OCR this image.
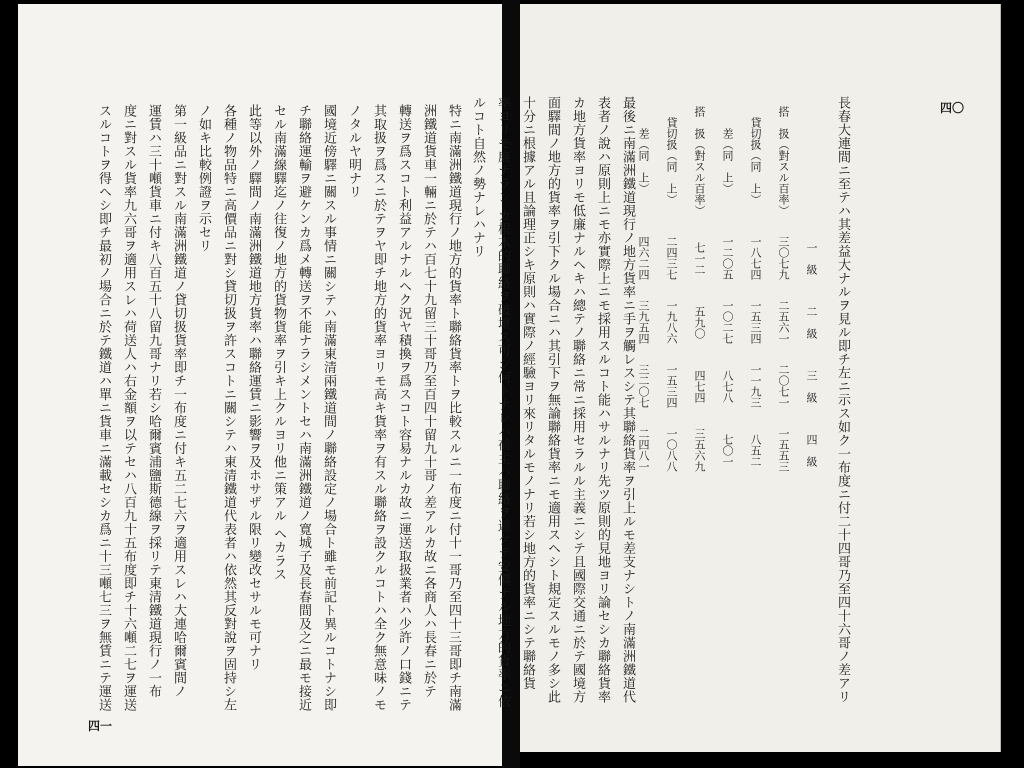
特ニ南滿洲鐵道現行ノ地方的貨率ト聯絡貨率トヲ比較スルニ一布度ニ付十一哥乃至四十三哥即チ南滿
洲鐵道貨車一輛ニ於テハ百七十九留三十哥乃至百四十留九十哥ノ差アルカ故ニ各商人ハ長春ニ於テ
轉送ヲ爲スコト利益アルナルヘク況ヤ積換ヲ爲スコト容易ナルカ故ニ運送取扱業者ハ少許ノ口錢ニテ
其取扱ヲ爲スニ於テヲヤ即チ地方的貨率ヨリモ高キ貨率ヲ有スル聯絡ヲ設クルコトハ全ク無意味ノモ
ノタルヤ明ナリ
國境近傍驛ニ關スル事情ニ關シテハ南滿東清兩鐵道間ノ聯絡設定ノ場合ト雖モ前記ト異ルコトナシ即
チ聯絡運輸ヲ避ケンカ爲メ轉送ヲ不能ナラシメントセハ南滿洲鐵道ノ寛城子及長春間及之ニ最モ接近
セル南滿線驛迄ノ往復ノ地方的貨物貨率ヲ引キ上クルヨリ他ニ策アル ヘカラス
此等以外ノ驛間ノ南滿洲鐵道地方貨率ハ聯絡運賃ニ影響ヲ及ホサザル限リ變改セサルモ可ナリ
各種ノ物品特ニ高價品ニ對シ貸切扱ヲ許スコトニ關シテハ東清鐵道代表者ハ依然其反對說ヲ固持シ左
ノ如キ比較例證ヲ示セリ
第一級品ニ對スル南滿洲鐵道ノ貸切扱貨率即チ一布度ニ付キ五二七六ヲ適用スレハ大連哈爾賓間ノ
運賃ハ三十噸貨車ニ付キ八百五十八留九哥ナリ若シ哈爾賓浦鹽斯德線ヲ採リテ東清鐵道現行ノ一布
度ニ對スル貨率九六哥ヲ適用スレハ荷送人ハ右金額ヲ以テセハ八百九十五布度即チ十六噸二七ヲ運送
スルコトヲ得ヘシ即チ最初ノ場合ニ於テ鐵道ハ單ニ貨車ニ滿載セシカ爲ニ十三噸七三ヲ無賃ニテ運送
四一
四〇
長春大連間ニ至テハ其差益大ナルヲ見ル即チ左ニ示ス如ク一布度ニ付二十四哥乃至四十六哥ノ差アリ
	一　級	二　級	三　級	四　級
搭　扱（對スル百率）	三〇七九	二五六一	二〇七一	一五五三
貸切扱（同　上）	一八七四	一五三四	一一九三	八五二
差（同　上）	一二〇五	一〇二七	八七八	七〇一
搭　扱（對スル百率）	七一二	五九〇	四七四	三五六九
貸切扱（同　上）	二四三七	一九八六	一五三四	一〇八八
差（同　上）	四六二四	三九五四	三二〇七	二四八一
最後ニ南滿洲鐵道現行ノ地方貨率ニ手ヲ觸レスシテ其聯絡貨率ヲ引上ルモ差支ナシトノ南滿洲鐵道代
表者ノ說ハ原則上ニモ亦實際上ニモ採用スルコト能ハサルナリ先ツ原則的見地ヨリ論セシカ聯絡貨率
カ地方貨率ヨリモ低廉ナルヘキハ總テノ聯絡ニ常ニ採用セラルル主義ニシテ且國際交通ニ於テ國境方
面驛間ノ地方的貨率ヲ引下クル場合ニハ其引下ヲ無論聯絡貨率ニモ適用スヘシト規定スルモノ多シ此
十分ニ根據アル且論理正シキ原則ハ實際ノ經驗ヨリ來リタルモノナリ若シ地方的貨率ニシテ聯絡貨
率ヨリモ廉ナラン カ根本的聯絡ヲ破壞ス可シ何トナレハ荷主ハ聯絡ヲ避ケテ安價ナル地方的貨率ニ依
ルコト自然ノ勢ナレハナリ
